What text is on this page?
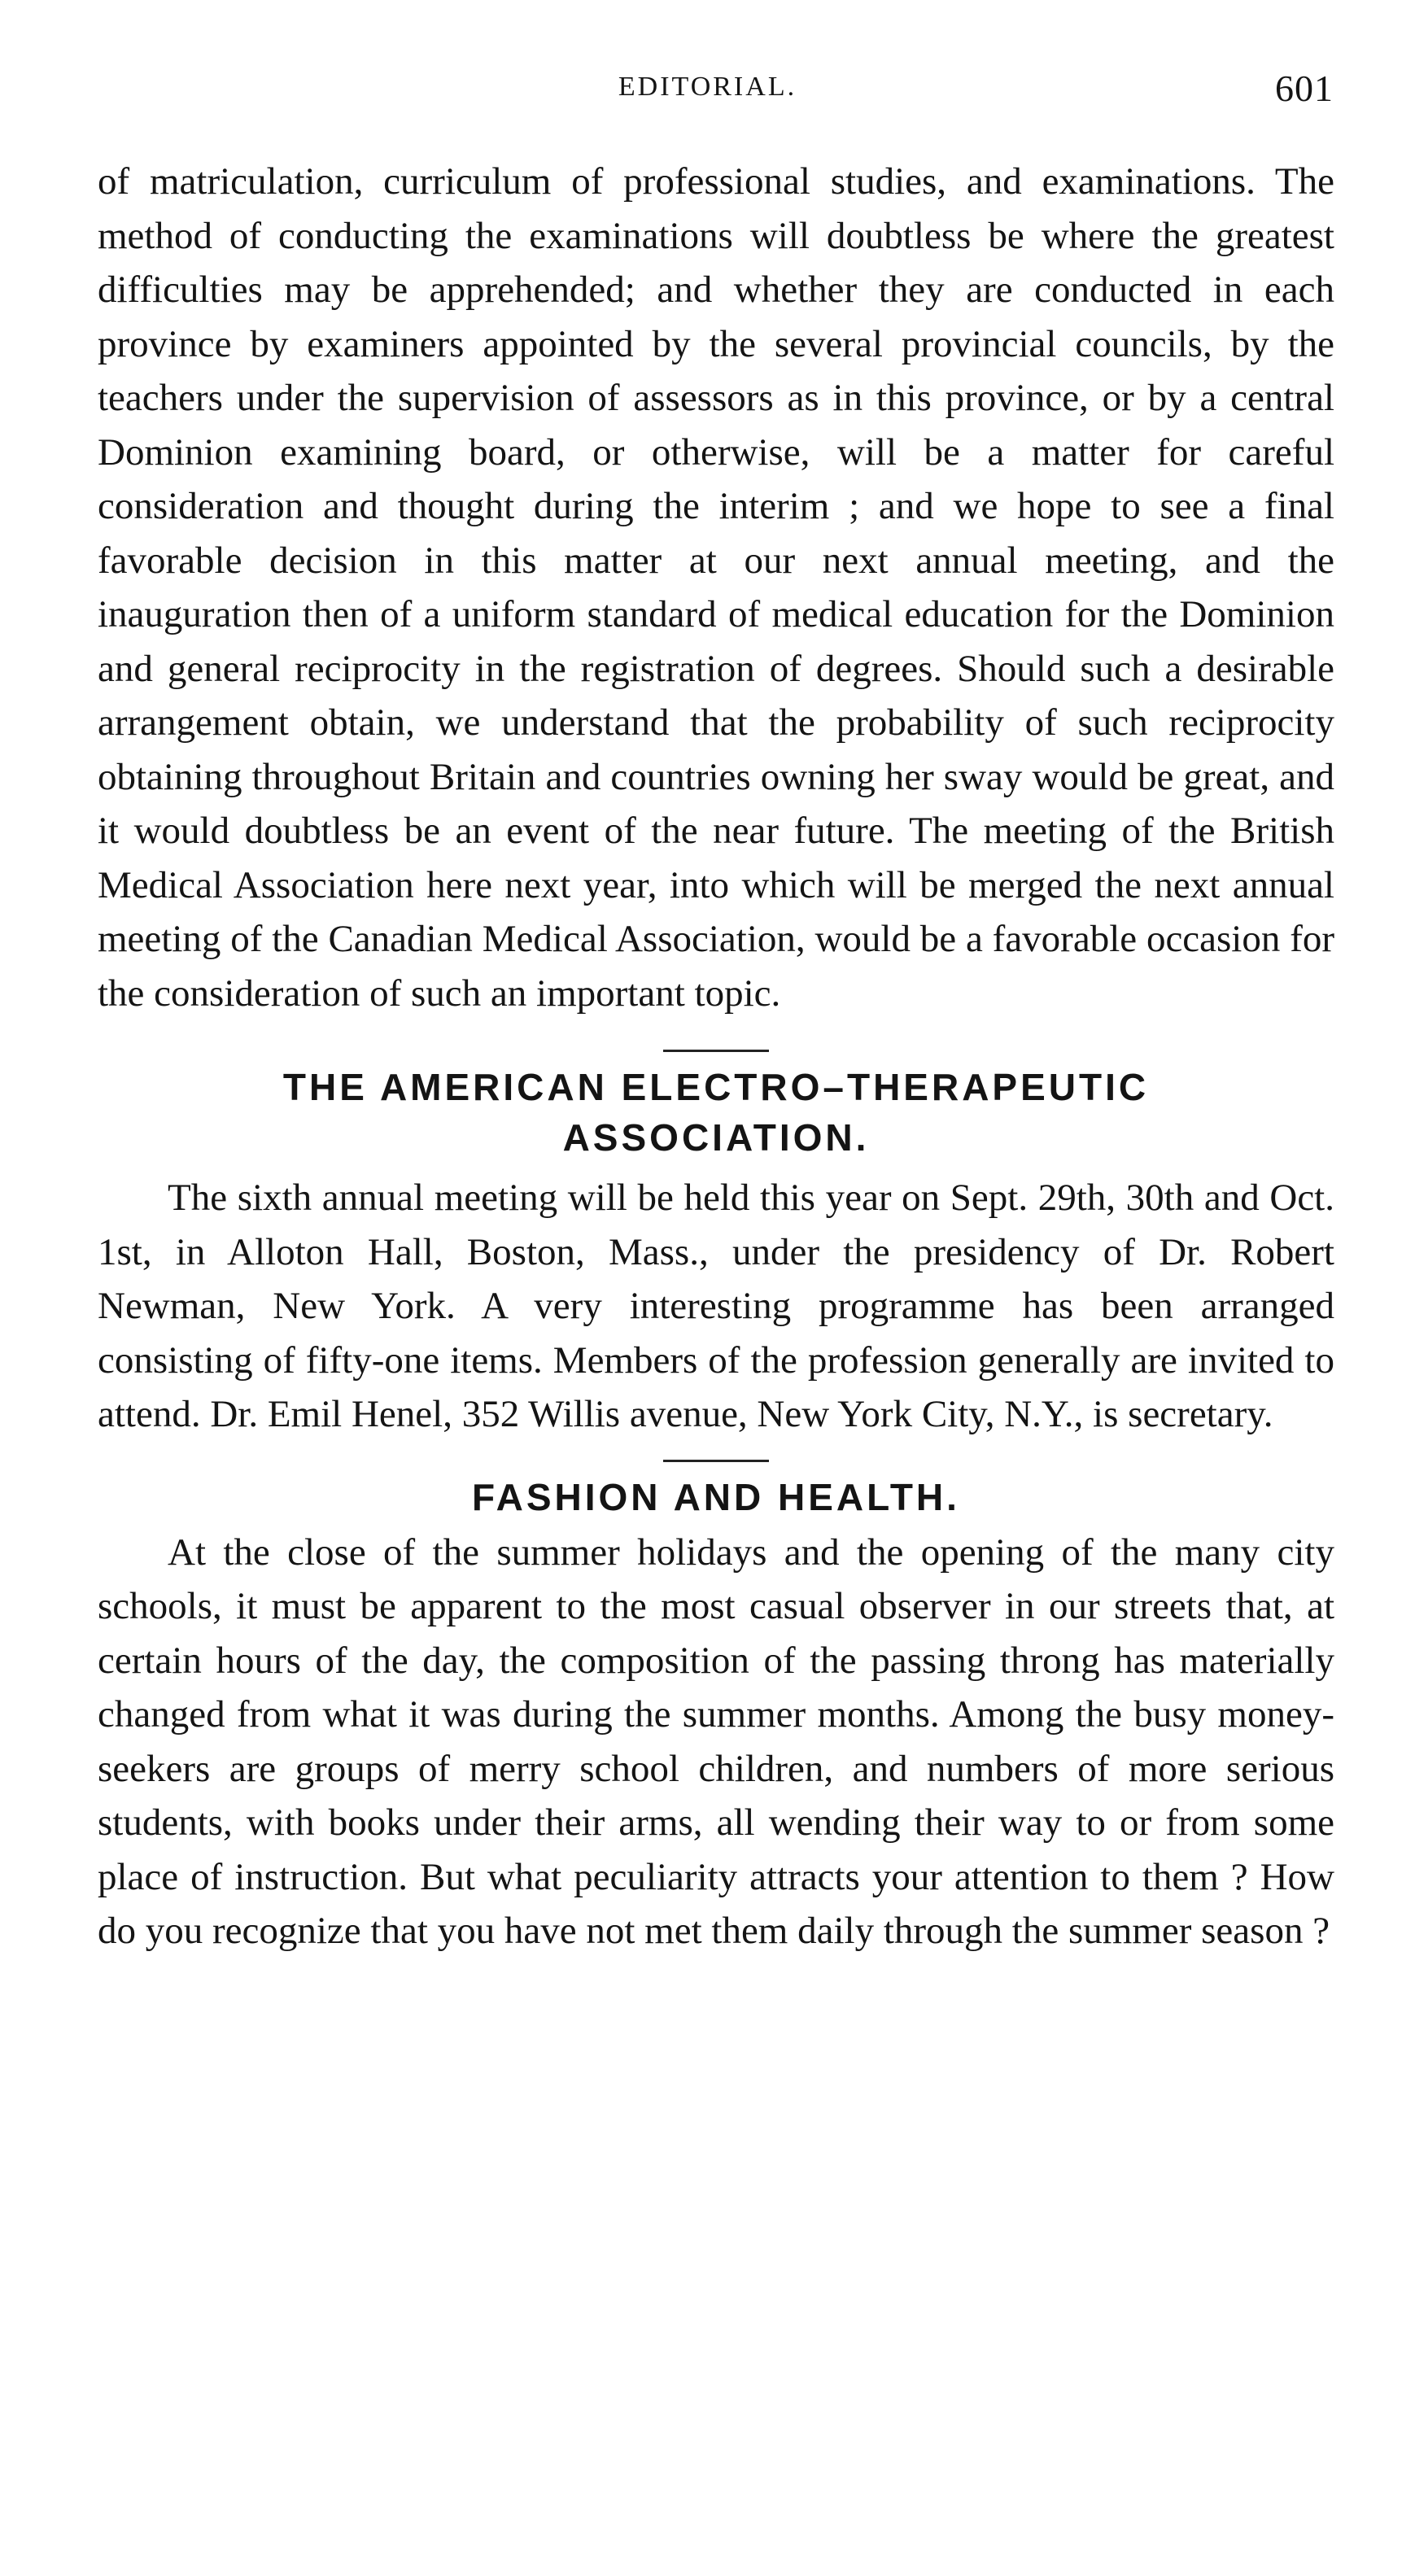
EDITORIAL.	601

of matriculation, curriculum of professional studies, and examinations. The method of conducting the examinations will doubtless be where the greatest difficulties may be apprehended; and whether they are conducted in each province by examiners appointed by the several provincial councils, by the teachers under the supervision of assessors as in this province, or by a central Dominion examining board, or otherwise, will be a matter for careful consideration and thought during the interim ; and we hope to see a final favorable decision in this matter at our next annual meeting, and the inauguration then of a uniform standard of medical education for the Dominion and general reciprocity in the registration of degrees. Should such a desirable arrangement obtain, we understand that the probability of such reciprocity obtaining throughout Britain and countries owning her sway would be great, and it would doubtless be an event of the near future. The meeting of the British Medical Association here next year, into which will be merged the next annual meeting of the Canadian Medical Association, would be a favorable occasion for the consideration of such an important topic.

THE AMERICAN ELECTRO–THERAPEUTIC

ASSOCIATION.

The sixth annual meeting will be held this year on Sept. 29th, 30th and Oct. 1st, in Alloton Hall, Boston, Mass., under the presidency of Dr. Robert Newman, New York. A very interesting programme has been arranged consisting of fifty-one items. Members of the profession generally are invited to attend. Dr. Emil Henel, 352 Willis avenue, New York City, N.Y., is secretary.

FASHION AND HEALTH.

At the close of the summer holidays and the opening of the many city schools, it must be apparent to the most casual observer in our streets that, at certain hours of the day, the composition of the passing throng has materially changed from what it was during the summer months. Among the busy money-seekers are groups of merry school children, and numbers of more serious students, with books under their arms, all wending their way to or from some place of instruction. But what peculiarity attracts your attention to them ? How do you recognize that you have not met them daily through the summer season ?
